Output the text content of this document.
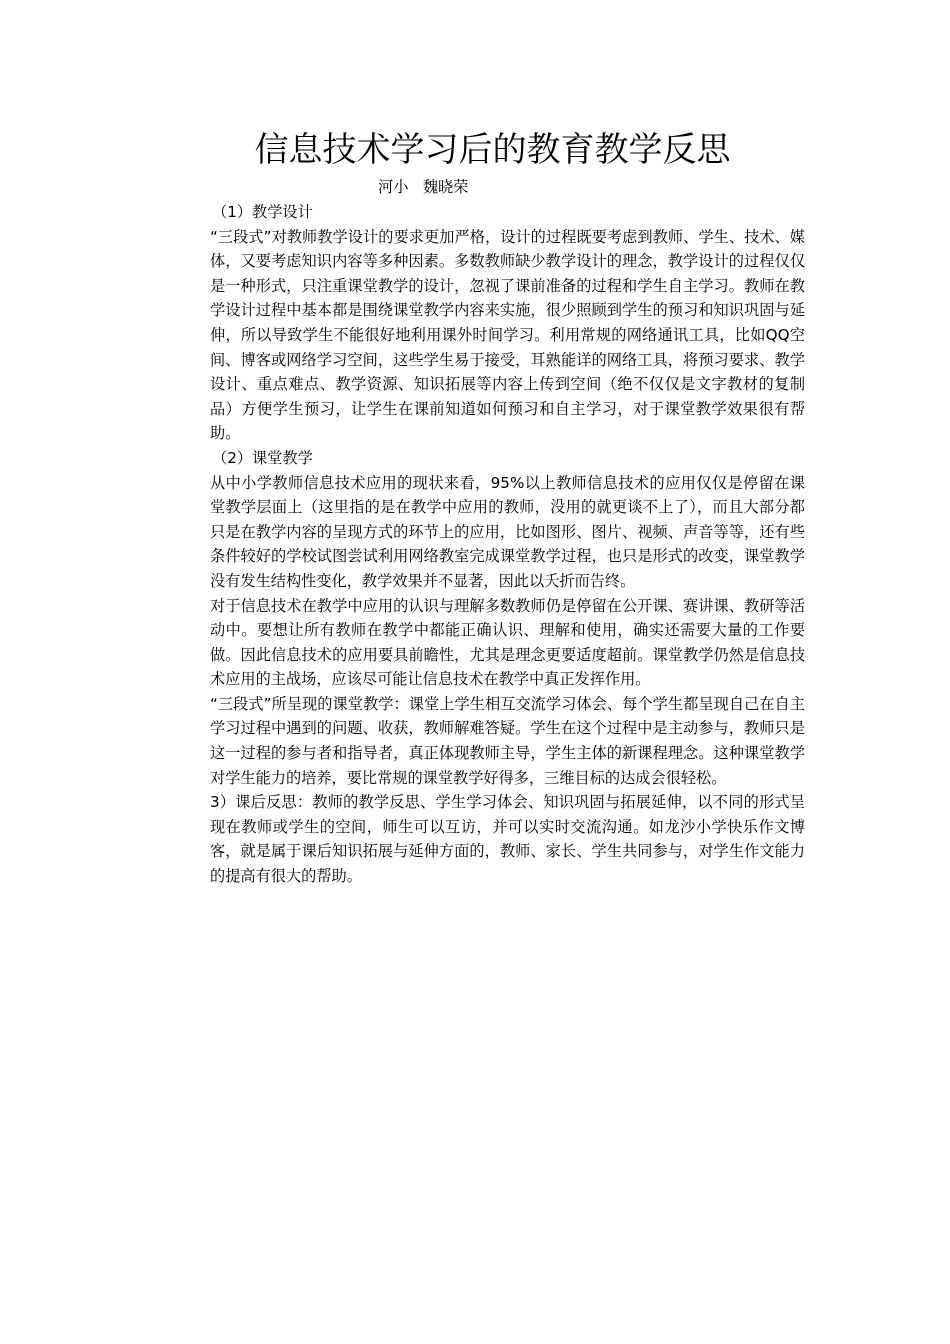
信息技术学习后的教育教学反思
河小   魏晓荣

（1）教学设计

“三段式”对教师教学设计的要求更加严格，设计的过程既要考虑到教师、学生、技术、媒体，又要考虑知识内容等多种因素。多数教师缺少教学设计的理念，教学设计的过程仅仅是一种形式，只注重课堂教学的设计，忽视了课前准备的过程和学生自主学习。教师在教学设计过程中基本都是围绕课堂教学内容来实施，很少照顾到学生的预习和知识巩固与延伸，所以导致学生不能很好地利用课外时间学习。利用常规的网络通讯工具，比如QQ空间、博客或网络学习空间，这些学生易于接受，耳熟能详的网络工具，将预习要求、教学设计、重点难点、教学资源、知识拓展等内容上传到空间（绝不仅仅是文字教材的复制品）方便学生预习，让学生在课前知道如何预习和自主学习，对于课堂教学效果很有帮助。

（2）课堂教学

从中小学教师信息技术应用的现状来看，95%以上教师信息技术的应用仅仅是停留在课堂教学层面上（这里指的是在教学中应用的教师，没用的就更谈不上了），而且大部分都只是在教学内容的呈现方式的环节上的应用，比如图形、图片、视频、声音等等，还有些条件较好的学校试图尝试利用网络教室完成课堂教学过程，也只是形式的改变，课堂教学没有发生结构性变化，教学效果并不显著，因此以夭折而告终。

对于信息技术在教学中应用的认识与理解多数教师仍是停留在公开课、赛讲课、教研等活动中。要想让所有教师在教学中都能正确认识、理解和使用，确实还需要大量的工作要做。因此信息技术的应用要具前瞻性，尤其是理念更要适度超前。课堂教学仍然是信息技术应用的主战场，应该尽可能让信息技术在教学中真正发挥作用。

“三段式”所呈现的课堂教学：课堂上学生相互交流学习体会、每个学生都呈现自己在自主学习过程中遇到的问题、收获，教师解难答疑。学生在这个过程中是主动参与，教师只是这一过程的参与者和指导者，真正体现教师主导，学生主体的新课程理念。这种课堂教学对学生能力的培养，要比常规的课堂教学好得多，三维目标的达成会很轻松。

3）课后反思：教师的教学反思、学生学习体会、知识巩固与拓展延伸，以不同的形式呈现在教师或学生的空间，师生可以互访，并可以实时交流沟通。如龙沙小学快乐作文博客，就是属于课后知识拓展与延伸方面的，教师、家长、学生共同参与，对学生作文能力的提高有很大的帮助。
